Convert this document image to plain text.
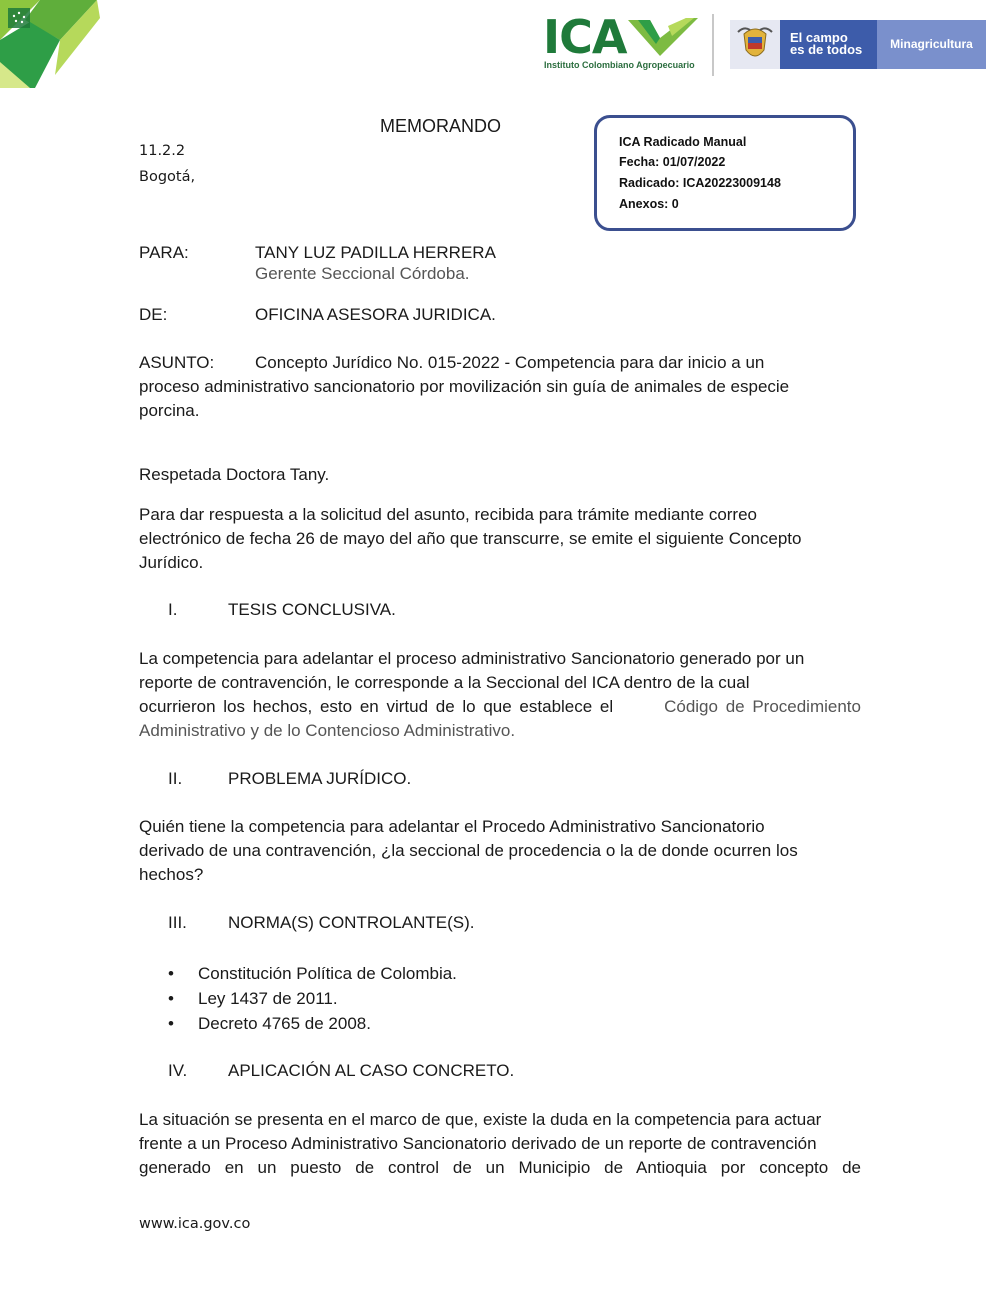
ICA
Instituto Colombiano Agropecuario
El campo
es de todos	Minagricultura
MEMORANDO
11.2.2
Bogotá,
ICA Radicado Manual
Fecha: 01/07/2022
Radicado: ICA20223009148
Anexos: 0
PARA:	TANY LUZ PADILLA HERRERA
Gerente Seccional Córdoba.
DE:	OFICINA ASESORA JURIDICA.
ASUNTO: Concepto Jurídico No. 015-2022 - Competencia para dar inicio a un
proceso administrativo sancionatorio por movilización sin guía de animales de especie
porcina.
Respetada Doctora Tany.
Para dar respuesta a la solicitud del asunto, recibida para trámite mediante correo
electrónico de fecha 26 de mayo del año que transcurre, se emite el siguiente Concepto
Jurídico.
I.	TESIS CONCLUSIVA.
La competencia para adelantar el proceso administrativo Sancionatorio generado por un
reporte de contravención, le corresponde a la Seccional del ICA dentro de la cual
ocurrieron los hechos, esto en virtud de lo que establece el	Código de Procedimiento
Administrativo y de lo Contencioso Administrativo.
II.	PROBLEMA JURÍDICO.
Quién tiene la competencia para adelantar el Procedo Administrativo Sancionatorio
derivado de una contravención, ¿la seccional de procedencia o la de donde ocurren los
hechos?
III. NORMA(S) CONTROLANTE(S).
• Constitución Política de Colombia.
• Ley 1437 de 2011.
• Decreto 4765 de 2008.
IV. APLICACIÓN AL CASO CONCRETO.
La situación se presenta en el marco de que, existe la duda en la competencia para actuar
frente a un Proceso Administrativo Sancionatorio derivado de un reporte de contravención
generado en un puesto de control de un Municipio de Antioquia por concepto de
www.ica.gov.co
